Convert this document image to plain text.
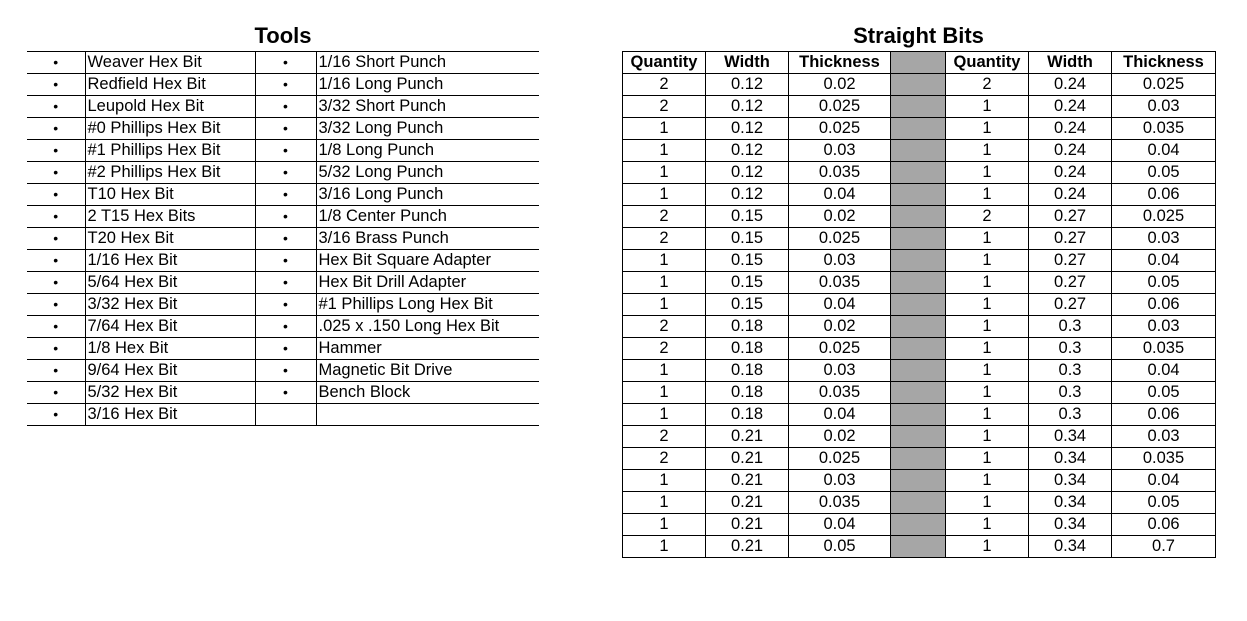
Tools
•	Weaver Hex Bit	•	1/16 Short Punch
•	Redfield Hex Bit	•	1/16 Long Punch
•	Leupold Hex Bit	•	3/32 Short Punch
•	#0 Phillips Hex Bit	•	3/32 Long Punch
•	#1 Phillips Hex Bit	•	1/8 Long Punch
•	#2 Phillips Hex Bit	•	5/32 Long Punch
•	T10 Hex Bit	•	3/16 Long Punch
•	2 T15 Hex Bits	•	1/8 Center Punch
•	T20 Hex Bit	•	3/16 Brass Punch
•	1/16 Hex Bit	•	Hex Bit Square Adapter
•	5/64 Hex Bit	•	Hex Bit Drill Adapter
•	3/32 Hex Bit	•	#1 Phillips Long Hex Bit
•	7/64 Hex Bit	•	.025 x .150 Long Hex Bit
•	1/8 Hex Bit	•	Hammer
•	9/64 Hex Bit	•	Magnetic Bit Drive
•	5/32 Hex Bit	•	Bench Block
•	3/16 Hex Bit		
Straight Bits
Quantity	Width	Thickness		Quantity	Width	Thickness
2	0.12	0.02		2	0.24	0.025
2	0.12	0.025		1	0.24	0.03
1	0.12	0.025		1	0.24	0.035
1	0.12	0.03		1	0.24	0.04
1	0.12	0.035		1	0.24	0.05
1	0.12	0.04		1	0.24	0.06
2	0.15	0.02		2	0.27	0.025
2	0.15	0.025		1	0.27	0.03
1	0.15	0.03		1	0.27	0.04
1	0.15	0.035		1	0.27	0.05
1	0.15	0.04		1	0.27	0.06
2	0.18	0.02		1	0.3	0.03
2	0.18	0.025		1	0.3	0.035
1	0.18	0.03		1	0.3	0.04
1	0.18	0.035		1	0.3	0.05
1	0.18	0.04		1	0.3	0.06
2	0.21	0.02		1	0.34	0.03
2	0.21	0.025		1	0.34	0.035
1	0.21	0.03		1	0.34	0.04
1	0.21	0.035		1	0.34	0.05
1	0.21	0.04		1	0.34	0.06
1	0.21	0.05		1	0.34	0.7
